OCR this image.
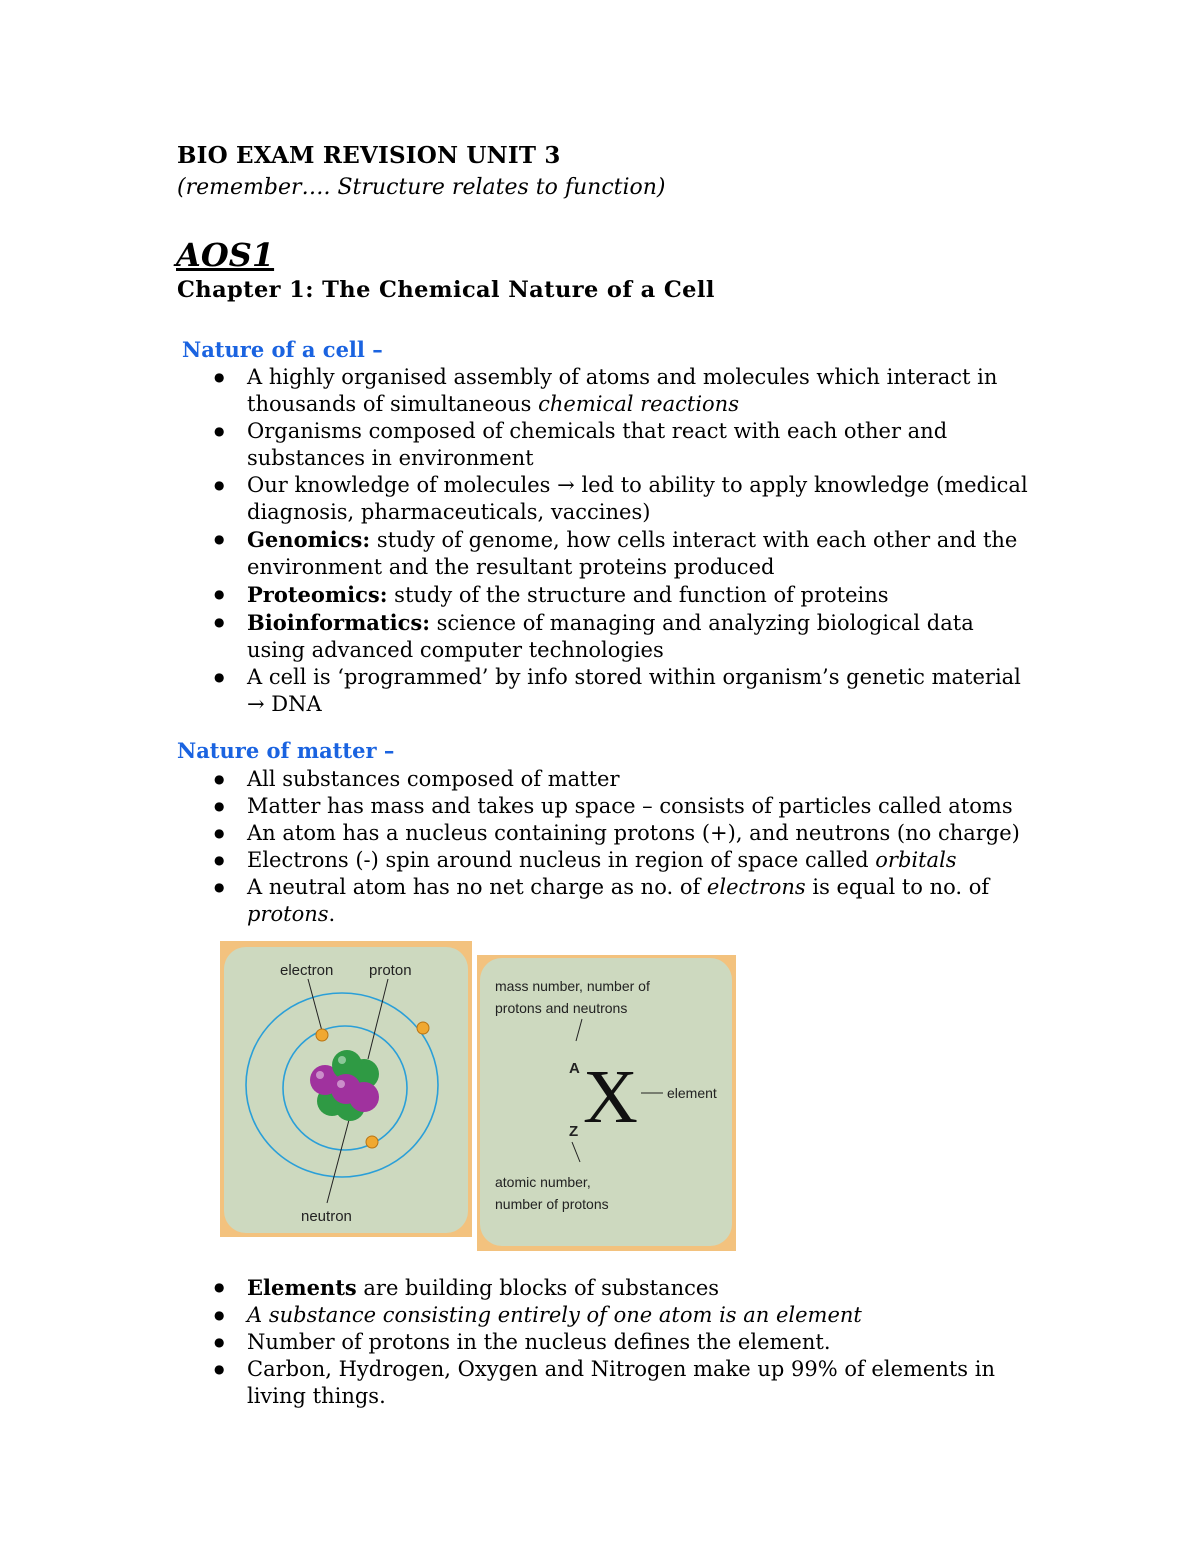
BIO EXAM REVISION UNIT 3
(remember…. Structure relates to function)
AOS1
Chapter 1: The Chemical Nature of a Cell
Nature of a cell –
● A highly organised assembly of atoms and molecules which interact in thousands of simultaneous chemical reactions
● Organisms composed of chemicals that react with each other and substances in environment
● Our knowledge of molecules → led to ability to apply knowledge (medical diagnosis, pharmaceuticals, vaccines)
● Genomics: study of genome, how cells interact with each other and the environment and the resultant proteins produced
● Proteomics: study of the structure and function of proteins
● Bioinformatics: science of managing and analyzing biological data using advanced computer technologies
● A cell is ‘programmed’ by info stored within organism’s genetic material → DNA
Nature of matter –
● All substances composed of matter
● Matter has mass and takes up space – consists of particles called atoms
● An atom has a nucleus containing protons (+), and neutrons (no charge)
● Electrons (-) spin around nucleus in region of space called orbitals
● A neutral atom has no net charge as no. of electrons is equal to no. of protons.
electron proton
neutron
mass number, number of
protons and neutrons
A X element
Z
atomic number,
number of protons
● Elements are building blocks of substances
● A substance consisting entirely of one atom is an element
● Number of protons in the nucleus defines the element.
● Carbon, Hydrogen, Oxygen and Nitrogen make up 99% of elements in living things.
